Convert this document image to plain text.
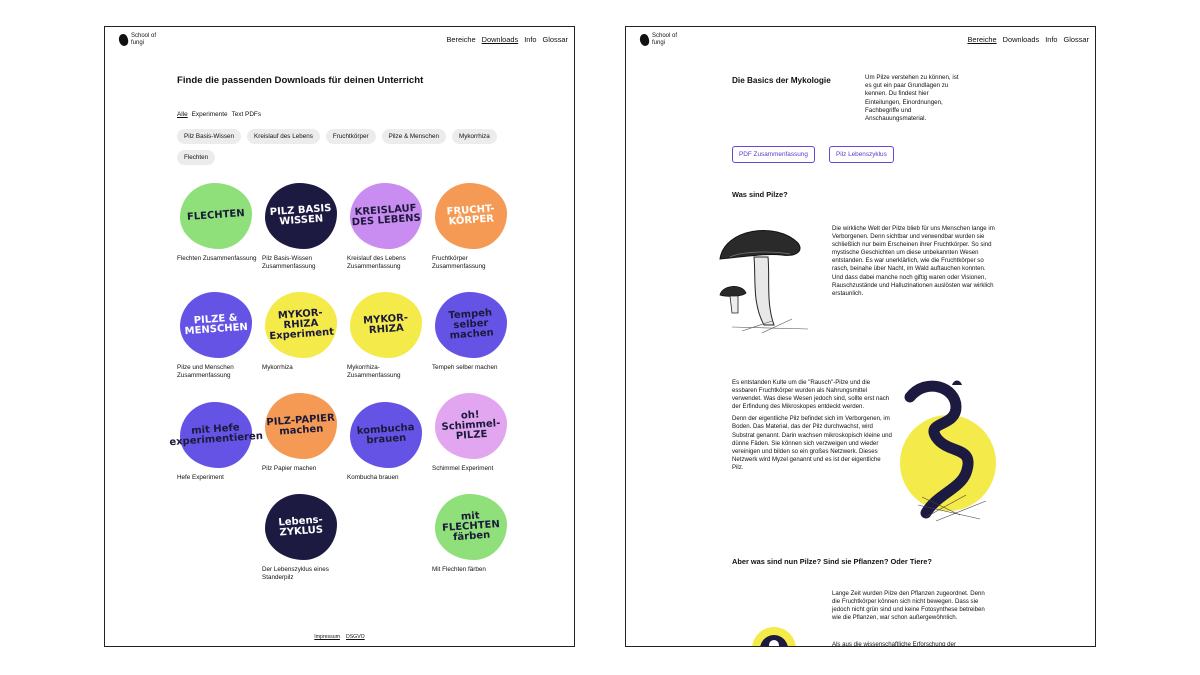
School of fungi	Bereiche Downloads Info Glossar
Finde die passenden Downloads für deinen Unterricht
Alle Experimente Text PDFs
Pilz Basis-Wissen	Kreislauf des Lebens	Fruchtkörper	Pilze & Menschen	Mykorrhiza
Flechten
FLECHTEN
Flechten Zusammenfassung
PILZ BASIS WISSEN
Pilz Basis-Wissen Zusammenfassung
KREISLAUF DES LEBENS
Kreislauf des Lebens Zusammenfassung
FRUCHT-KÖRPER
Fruchtkörper Zusammenfassung
PILZE & MENSCHEN
Pilze und Menschen Zusammenfassung
MYKOR-RHIZA Experiment
Mykorrhiza
MYKOR-RHIZA
Mykorrhiza-Zusammenfassung
Tempeh selber machen
Tempeh selber machen
mit Hefe experimentieren
Hefe Experiment
PILZ-PAPIER machen
Pilz Papier machen
kombucha brauen
Kombucha brauen
oh! Schimmel-PILZE
Schimmel Experiment
Lebens-ZYKLUS
Der Lebenszyklus eines Standerpilz
mit FLECHTEN färben
Mit Flechten färben
Impressum DSGVO
School of fungi	Bereiche Downloads Info Glossar
Die Basics der Mykologie	Um Pilze verstehen zu können, ist es gut ein paar Grundlagen zu kennen. Du findest hier Einteilungen, Einordnungen, Fachbegriffe und Anschauungsmaterial.
PDF Zusammenfassung	Pilz Lebenszyklus
Was sind Pilze?
Die wirkliche Welt der Pilze blieb für uns Menschen lange im Verborgenen. Denn sichtbar und verwendbar wurden sie schließlich nur beim Erscheinen ihrer Fruchtkörper. So sind mystische Geschichten um diese unbekannten Wesen entstanden. Es war unerklärlich, wie die Fruchtkörper so rasch, beinahe über Nacht, im Wald auftauchen konnten. Und dass dabei manche noch giftig waren oder Visionen, Rauschzustände und Halluzinationen auslösten war wirklich erstaunlich.

Es entstanden Kulte um die "Rausch"-Pilze und die essbaren Fruchtkörper wurden als Nahrungsmittel verwendet. Was diese Wesen jedoch sind, sollte erst nach der Erfindung des Mikroskopes entdeckt werden.

Denn der eigentliche Pilz befindet sich im Verborgenen, im Boden. Das Material, das der Pilz durchwachst, wird Substrat genannt. Darin wachsen mikroskopisch kleine und dünne Fäden. Sie können sich verzweigen und wieder vereinigen und bilden so ein großes Netzwerk. Dieses Netzwerk wird Myzel genannt und es ist der eigentliche Pilz.

Aber was sind nun Pilze? Sind sie Pflanzen? Oder Tiere?
Lange Zeit wurden Pilze den Pflanzen zugeordnet. Denn die Fruchtkörper können sich nicht bewegen. Dass sie jedoch nicht grün sind und keine Fotosynthese betreiben wie die Pflanzen, war schon außergewöhnlich.
Als aus die wissenschaftliche Erforschung der
